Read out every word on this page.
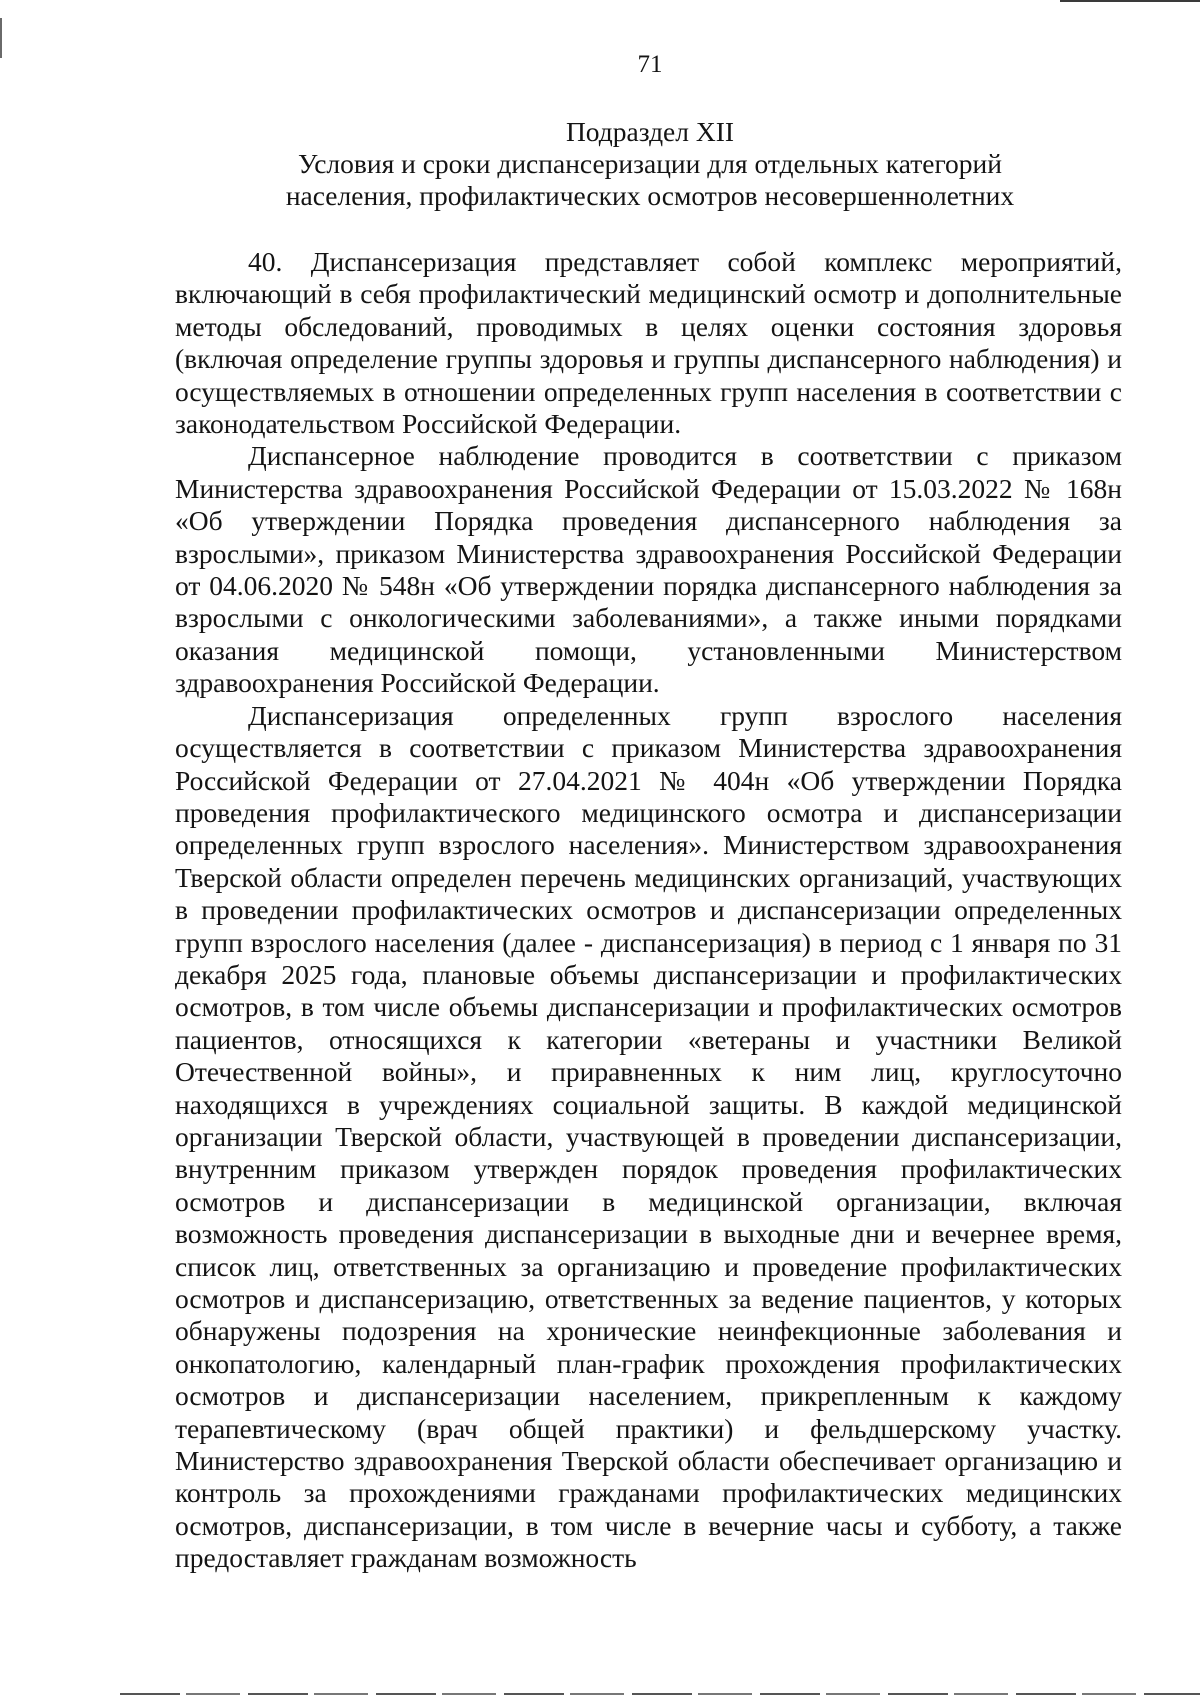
71
Подраздел XII
Условия и сроки диспансеризации для отдельных категорий
населения, профилактических осмотров несовершеннолетних

40. Диспансеризация представляет собой комплекс мероприятий, включающий в себя профилактический медицинский осмотр и дополнительные методы обследований, проводимых в целях оценки состояния здоровья (включая определение группы здоровья и группы диспансерного наблюдения) и осуществляемых в отношении определенных групп населения в соответствии с законодательством Российской Федерации.

Диспансерное наблюдение проводится в соответствии с приказом Министерства здравоохранения Российской Федерации от 15.03.2022 № 168н «Об утверждении Порядка проведения диспансерного наблюдения за взрослыми», приказом Министерства здравоохранения Российской Федерации от 04.06.2020 № 548н «Об утверждении порядка диспансерного наблюдения за взрослыми с онкологическими заболеваниями», а также иными порядками оказания медицинской помощи, установленными Министерством здравоохранения Российской Федерации.

Диспансеризация определенных групп взрослого населения осуществляется в соответствии с приказом Министерства здравоохранения Российской Федерации от 27.04.2021 № 404н «Об утверждении Порядка проведения профилактического медицинского осмотра и диспансеризации определенных групп взрослого населения». Министерством здравоохранения Тверской области определен перечень медицинских организаций, участвующих в проведении профилактических осмотров и диспансеризации определенных групп взрослого населения (далее - диспансеризация) в период с 1 января по 31 декабря 2025 года, плановые объемы диспансеризации и профилактических осмотров, в том числе объемы диспансеризации и профилактических осмотров пациентов, относящихся к категории «ветераны и участники Великой Отечественной войны», и приравненных к ним лиц, круглосуточно находящихся в учреждениях социальной защиты. В каждой медицинской организации Тверской области, участвующей в проведении диспансеризации, внутренним приказом утвержден порядок проведения профилактических осмотров и диспансеризации в медицинской организации, включая возможность проведения диспансеризации в выходные дни и вечернее время, список лиц, ответственных за организацию и проведение профилактических осмотров и диспансеризацию, ответственных за ведение пациентов, у которых обнаружены подозрения на хронические неинфекционные заболевания и онкопатологию, календарный план-график прохождения профилактических осмотров и диспансеризации населением, прикрепленным к каждому терапевтическому (врач общей практики) и фельдшерскому участку. Министерство здравоохранения Тверской области обеспечивает организацию и контроль за прохождениями гражданами профилактических медицинских осмотров, диспансеризации, в том числе в вечерние часы и субботу, а также предоставляет гражданам возможность
